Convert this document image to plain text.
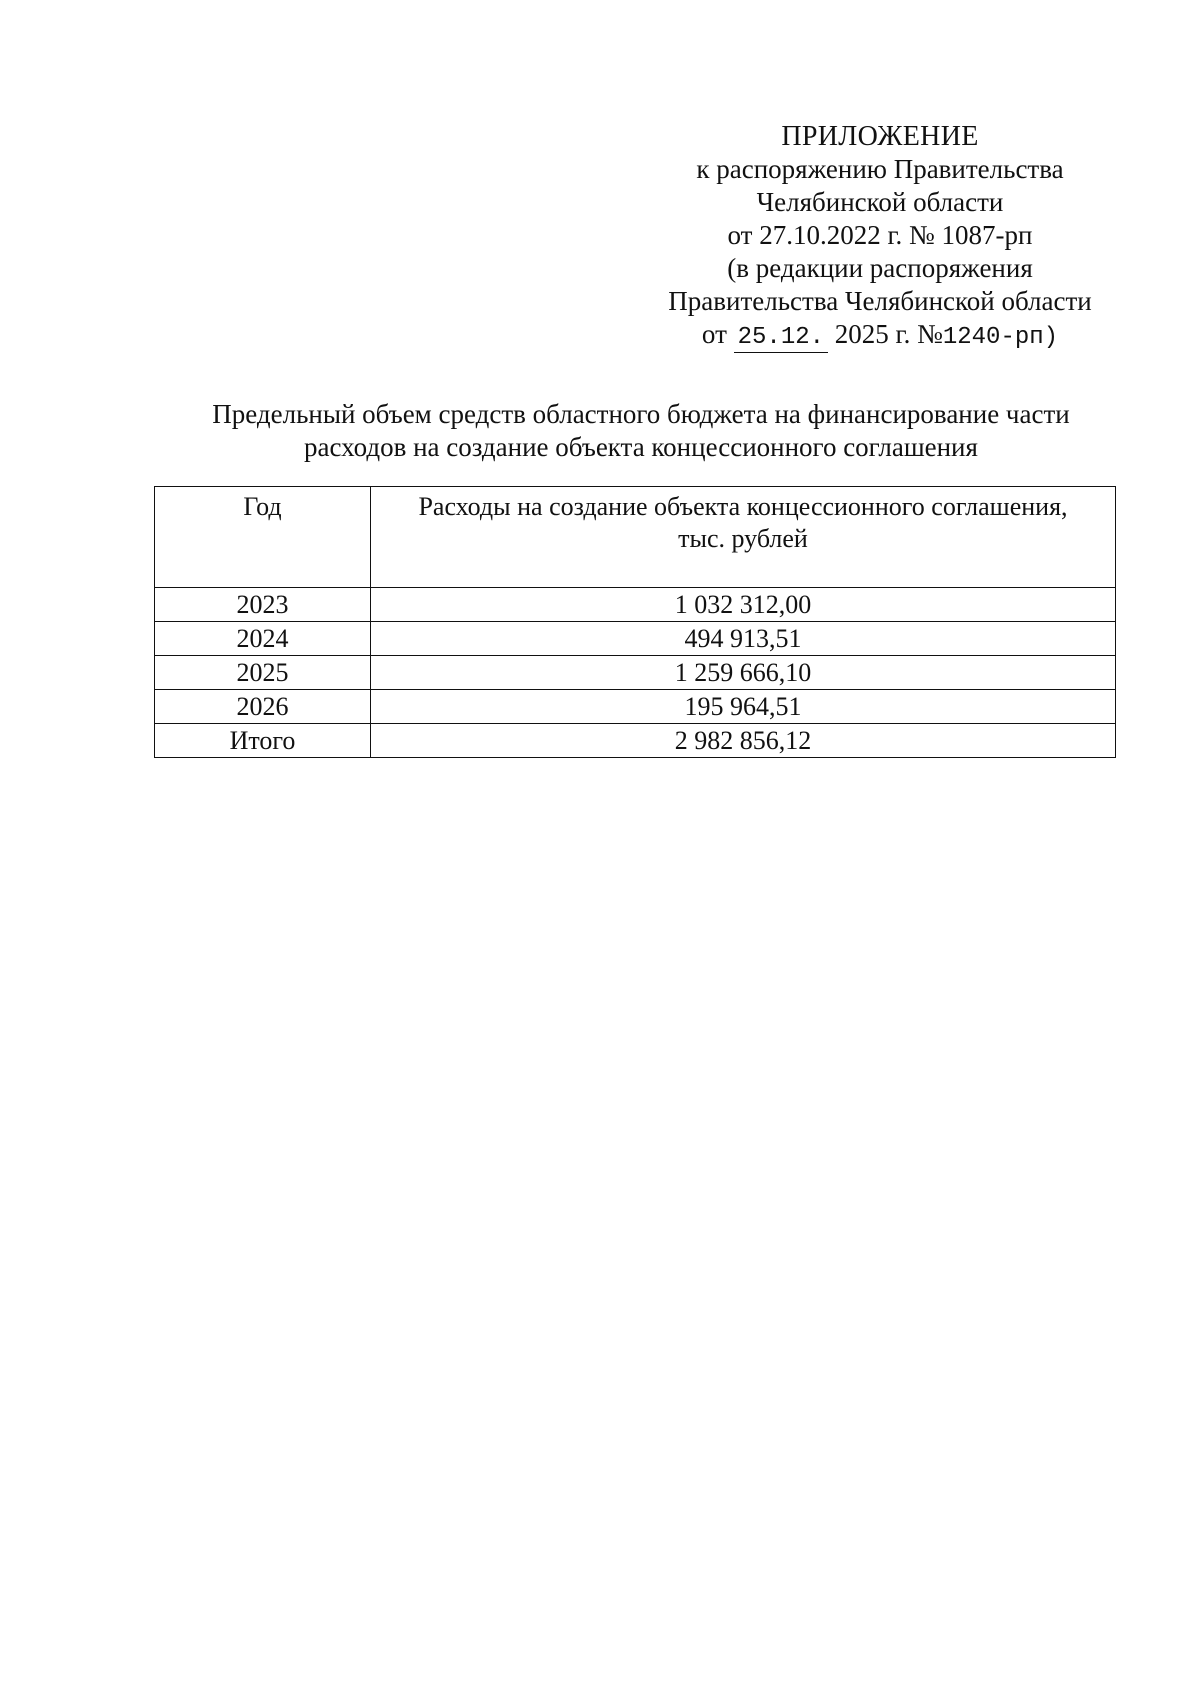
ПРИЛОЖЕНИЕ
к распоряжению Правительства
Челябинской области
от 27.10.2022 г. № 1087-рп
(в редакции распоряжения
Правительства Челябинской области
от 25.12. 2025 г. №1240-рп)
Предельный объем средств областного бюджета на финансирование части
расходов на создание объекта концессионного соглашения
Год	Расходы на создание объекта концессионного соглашения,
тыс. рублей

2023	1 032 312,00
2024	494 913,51
2025	1 259 666,10
2026	195 964,51
Итого	2 982 856,12
